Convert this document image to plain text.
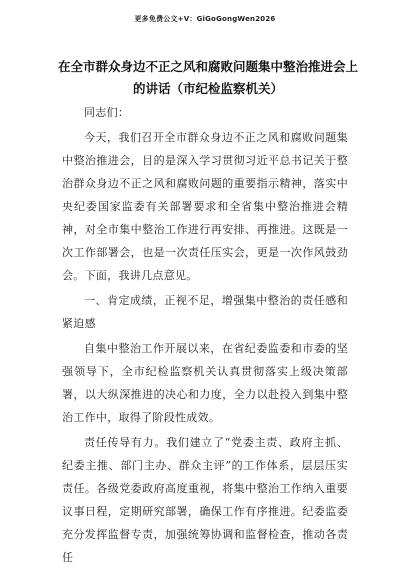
更多免费公文+V：GiGoGongWen2026
在全市群众身边不正之风和腐败问题集中整治推进会上的讲话（市纪检监察机关）

同志们：

今天，我们召开全市群众身边不正之风和腐败问题集中整治推进会，目的是深入学习贯彻习近平总书记关于整治群众身边不正之风和腐败问题的重要指示精神，落实中央纪委国家监委有关部署要求和全省集中整治推进会精神，对全市集中整治工作进行再安排、再推进。这既是一次工作部署会，也是一次责任压实会，更是一次作风鼓劲会。下面，我讲几点意见。

一、肯定成绩，正视不足，增强集中整治的责任感和紧迫感

自集中整治工作开展以来，在省纪委监委和市委的坚强领导下，全市纪检监察机关认真贯彻落实上级决策部署，以大纵深推进的决心和力度，全力以赴投入到集中整治工作中，取得了阶段性成效。

责任传导有力。我们建立了“党委主责、政府主抓、纪委主推、部门主办、群众主评”的工作体系，层层压实责任。各级党委政府高度重视，将集中整治工作纳入重要议事日程，定期研究部署，确保工作有序推进。纪委监委充分发挥监督专责，加强统筹协调和监督检查，推动各责任
